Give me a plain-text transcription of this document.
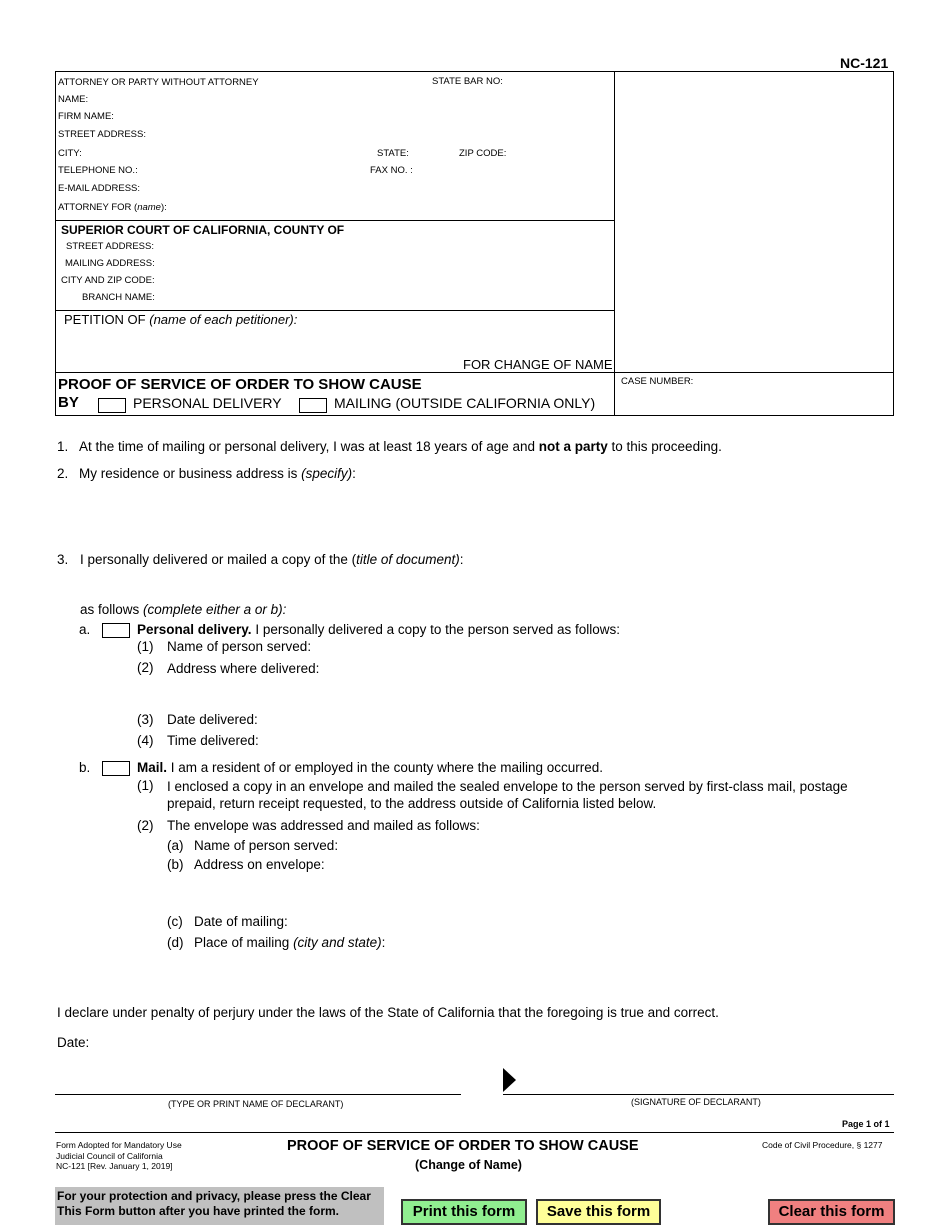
NC-121
ATTORNEY OR PARTY WITHOUT ATTORNEY	STATE BAR NO:
NAME:
FIRM NAME:
STREET ADDRESS:
CITY:	STATE:	ZIP CODE:
TELEPHONE NO.:	FAX NO. :
E-MAIL ADDRESS:
ATTORNEY FOR (name):
SUPERIOR COURT OF CALIFORNIA, COUNTY OF
STREET ADDRESS:
MAILING ADDRESS:
CITY AND ZIP CODE:
BRANCH NAME:
PETITION OF (name of each petitioner):
FOR CHANGE OF NAME
PROOF OF SERVICE OF ORDER TO SHOW CAUSE
BY	PERSONAL DELIVERY	MAILING (OUTSIDE CALIFORNIA ONLY)
CASE NUMBER:
1. At the time of mailing or personal delivery, I was at least 18 years of age and not a party to this proceeding.
2. My residence or business address is (specify):
3. I personally delivered or mailed a copy of the (title of document):
as follows (complete either a or b):
a.	Personal delivery. I personally delivered a copy to the person served as follows:
(1) Name of person served:
(2) Address where delivered:
(3) Date delivered:
(4) Time delivered:
b.	Mail. I am a resident of or employed in the county where the mailing occurred.
(1) I enclosed a copy in an envelope and mailed the sealed envelope to the person served by first-class mail, postage
prepaid, return receipt requested, to the address outside of California listed below.
(2) The envelope was addressed and mailed as follows:
(a) Name of person served:
(b) Address on envelope:
(c) Date of mailing:
(d) Place of mailing (city and state):
I declare under penalty of perjury under the laws of the State of California that the foregoing is true and correct.
Date:
(TYPE OR PRINT NAME OF DECLARANT)	(SIGNATURE OF DECLARANT)
Page 1 of 1
Form Adopted for Mandatory Use
Judicial Council of California
NC-121 [Rev. January 1, 2019]
PROOF OF SERVICE OF ORDER TO SHOW CAUSE
(Change of Name)
Code of Civil Procedure, § 1277
For your protection and privacy, please press the Clear
This Form button after you have printed the form.	Print this form	Save this form	Clear this form
